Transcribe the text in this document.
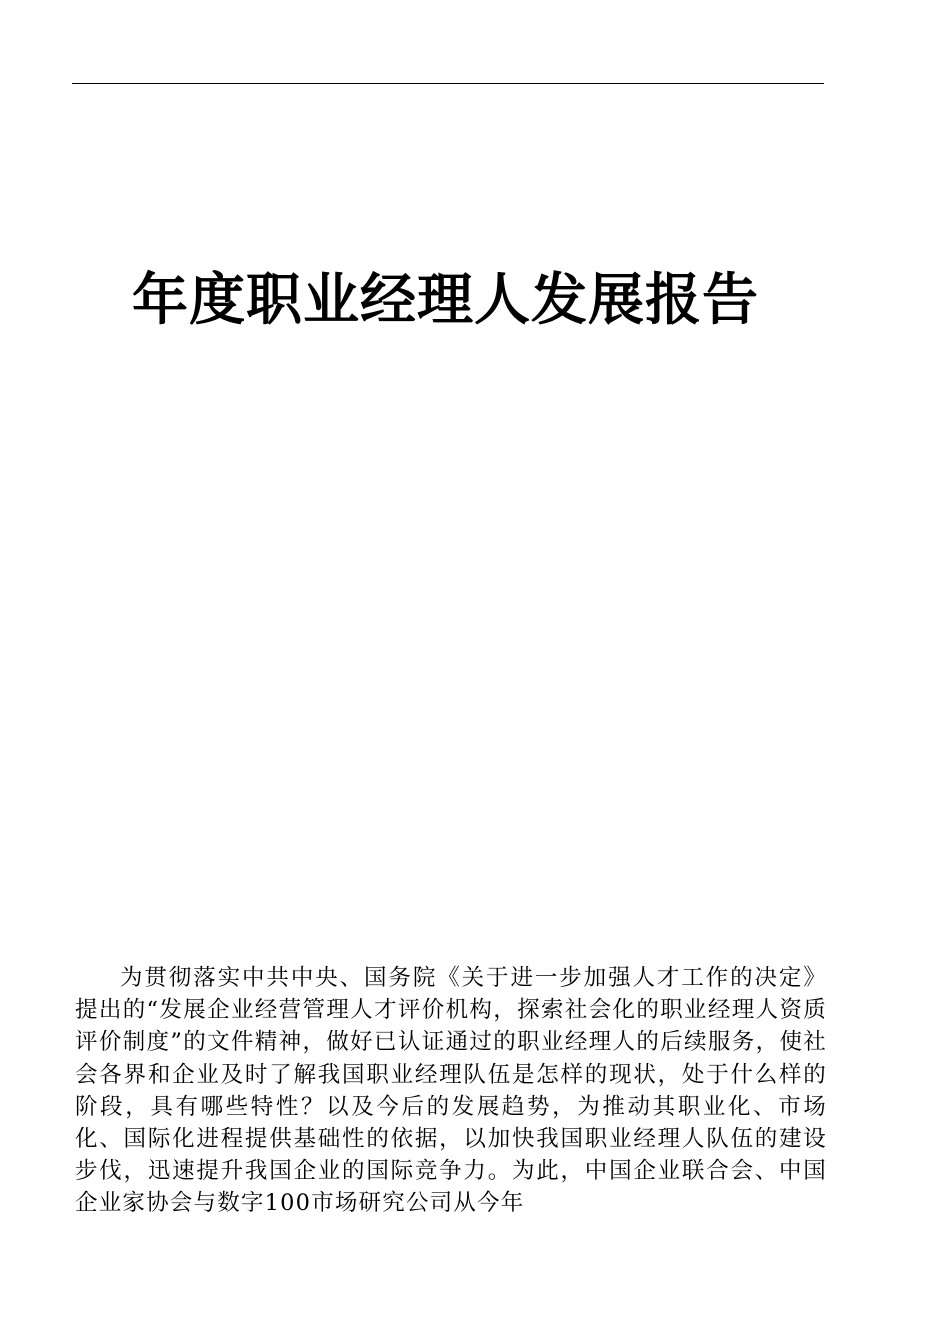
年度职业经理人发展报告

为贯彻落实中共中央、国务院《关于进一步加强人才工作的决定》提出的“发展企业经营管理人才评价机构，探索社会化的职业经理人资质评价制度”的文件精神，做好已认证通过的职业经理人的后续服务，使社会各界和企业及时了解我国职业经理队伍是怎样的现状，处于什么样的阶段，具有哪些特性？以及今后的发展趋势，为推动其职业化、市场化、国际化进程提供基础性的依据，以加快我国职业经理人队伍的建设步伐，迅速提升我国企业的国际竞争力。为此，中国企业联合会、中国企业家协会与数字100市场研究公司从今年
